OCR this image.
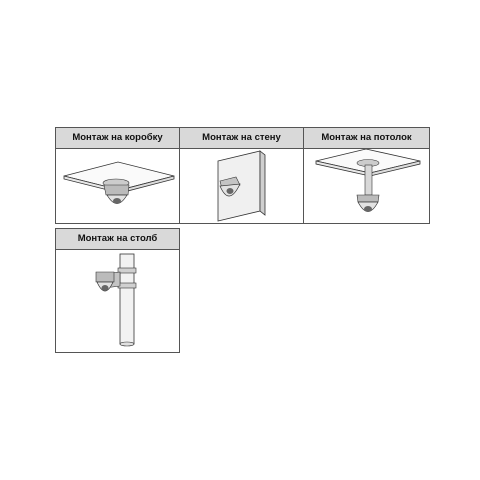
Монтаж на коробку	Монтаж на стену	Монтаж на потолок
Монтаж на столб
